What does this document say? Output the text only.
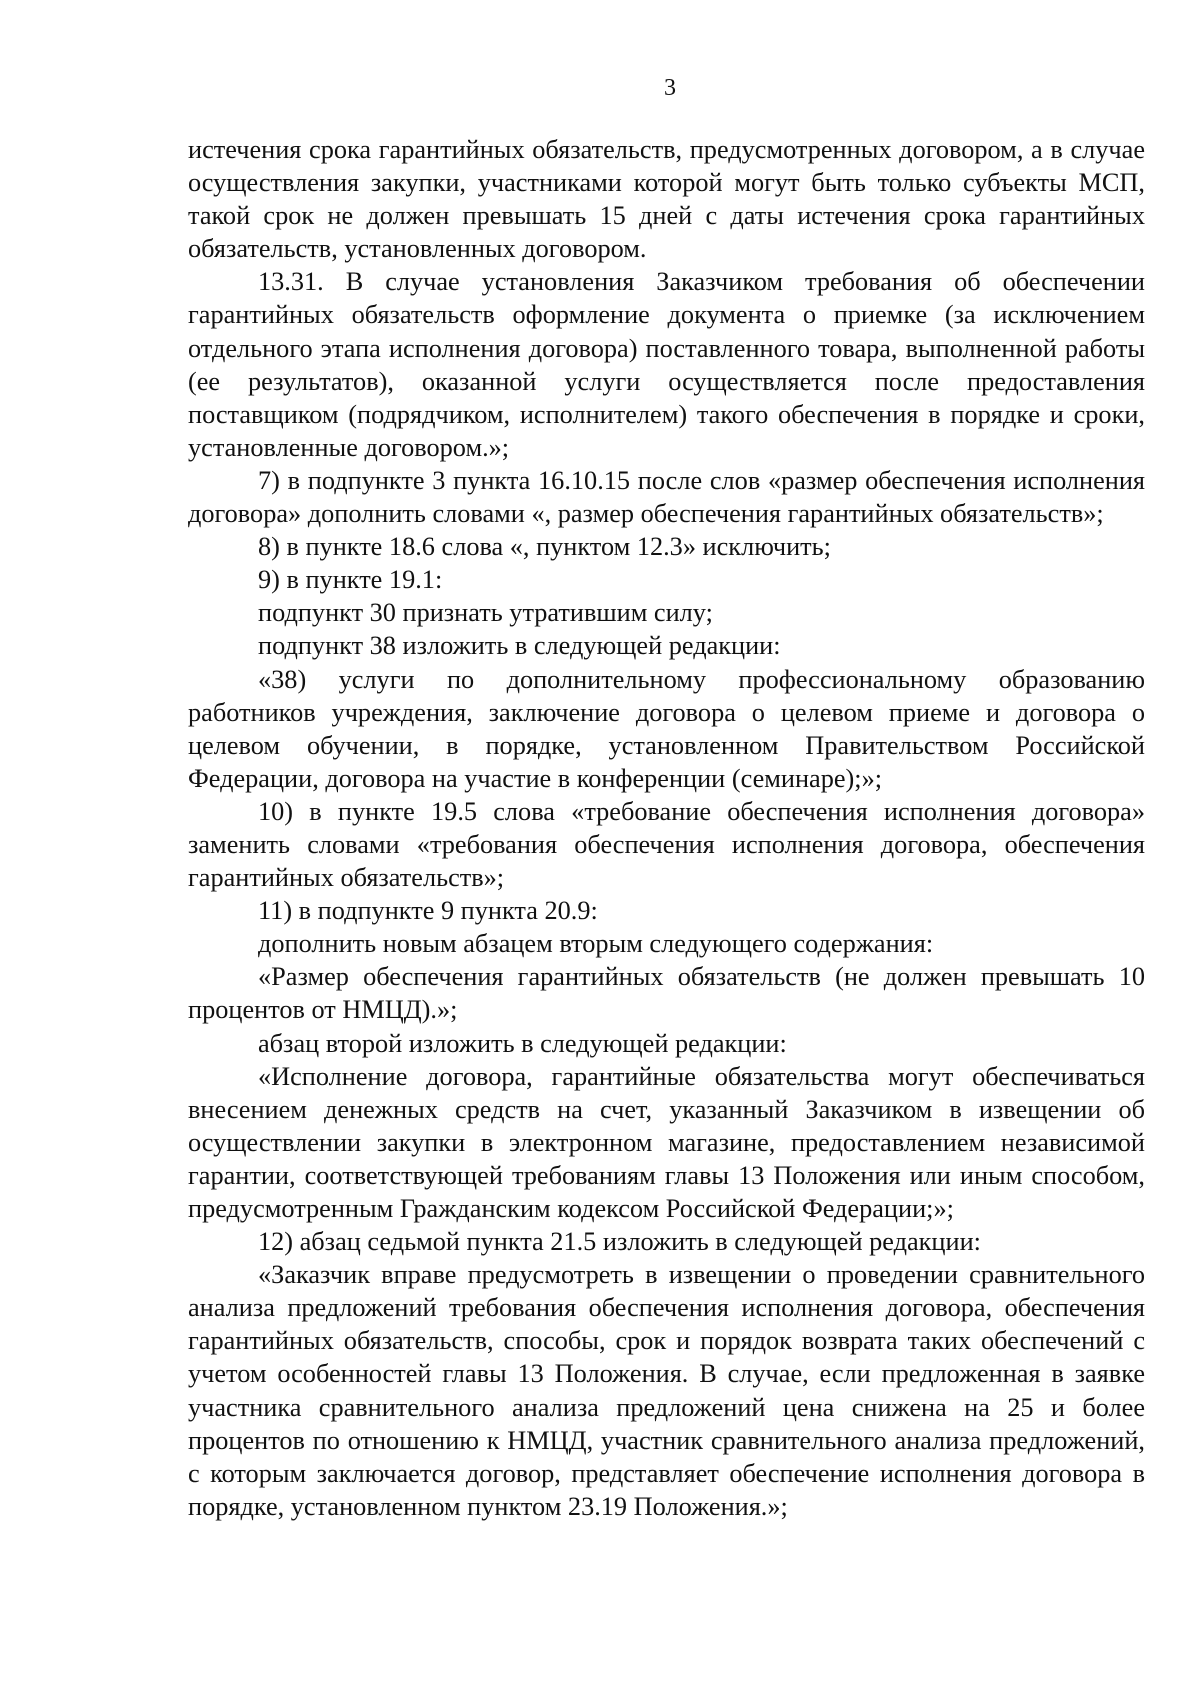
3

истечения срока гарантийных обязательств, предусмотренных договором, а в случае осуществления закупки, участниками которой могут быть только субъекты МСП, такой срок не должен превышать 15 дней с даты истечения срока гарантийных обязательств, установленных договором.

13.31. В случае установления Заказчиком требования об обеспечении гарантийных обязательств оформление документа о приемке (за исключением отдельного этапа исполнения договора) поставленного товара, выполненной работы (ее результатов), оказанной услуги осуществляется после предоставления поставщиком (подрядчиком, исполнителем) такого обеспечения в порядке и сроки, установленные договором.»;

7) в подпункте 3 пункта 16.10.15 после слов «размер обеспечения исполнения договора» дополнить словами «, размер обеспечения гарантийных обязательств»;

8) в пункте 18.6 слова «, пунктом 12.3» исключить;

9) в пункте 19.1:

подпункт 30 признать утратившим силу;

подпункт 38 изложить в следующей редакции:

«38) услуги по дополнительному профессиональному образованию работников учреждения, заключение договора о целевом приеме и договора о целевом обучении, в порядке, установленном Правительством Российской Федерации, договора на участие в конференции (семинаре);»;

10) в пункте 19.5 слова «требование обеспечения исполнения договора» заменить словами «требования обеспечения исполнения договора, обеспечения гарантийных обязательств»;

11) в подпункте 9 пункта 20.9:

дополнить новым абзацем вторым следующего содержания:

«Размер обеспечения гарантийных обязательств (не должен превышать 10 процентов от НМЦД).»;

абзац второй изложить в следующей редакции:

«Исполнение договора, гарантийные обязательства могут обеспечиваться внесением денежных средств на счет, указанный Заказчиком в извещении об осуществлении закупки в электронном магазине, предоставлением независимой гарантии, соответствующей требованиям главы 13 Положения или иным способом, предусмотренным Гражданским кодексом Российской Федерации;»;

12) абзац седьмой пункта 21.5 изложить в следующей редакции:

«Заказчик вправе предусмотреть в извещении о проведении сравнительного анализа предложений требования обеспечения исполнения договора, обеспечения гарантийных обязательств, способы, срок и порядок возврата таких обеспечений с учетом особенностей главы 13 Положения. В случае, если предложенная в заявке участника сравнительного анализа предложений цена снижена на 25 и более процентов по отношению к НМЦД, участник сравнительного анализа предложений, с которым заключается договор, представляет обеспечение исполнения договора в порядке, установленном пунктом 23.19 Положения.»;
